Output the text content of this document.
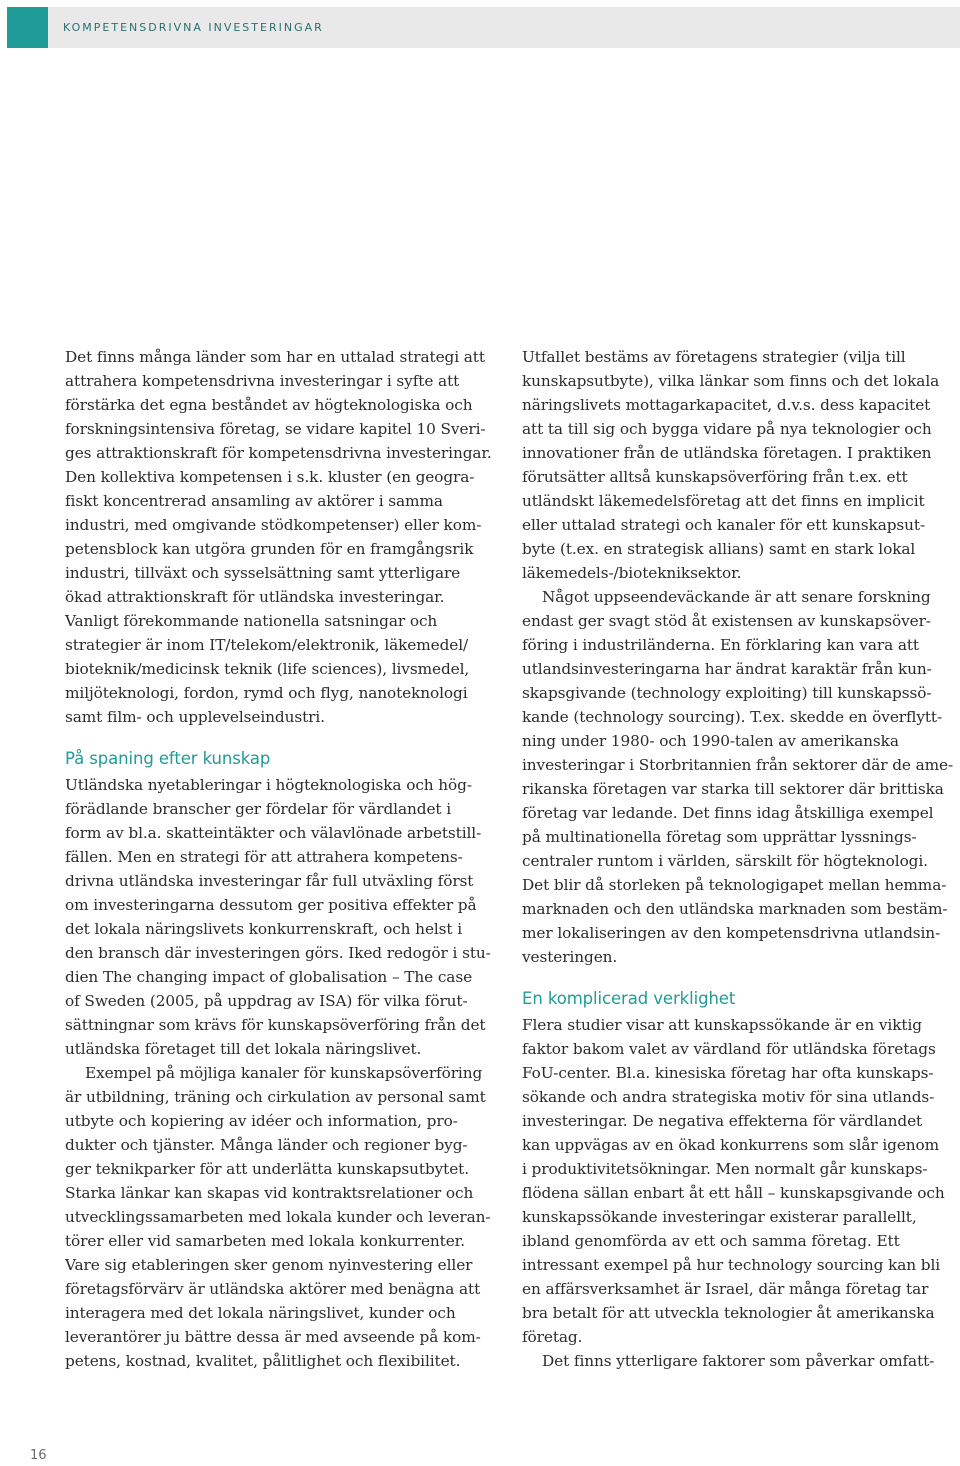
KOMPETENSDRIVNA INVESTERINGAR

Det finns många länder som har en uttalad strategi att
attrahera kompetensdrivna investeringar i syfte att
förstärka det egna beståndet av högteknologiska och
forskningsintensiva företag, se vidare kapitel 10 Sveri-
ges attraktionskraft för kompetensdrivna investeringar.
Den kollektiva kompetensen i s.k. kluster (en geogra-
fiskt koncentrerad ansamling av aktörer i samma
industri, med omgivande stödkompetenser) eller kom-
petensblock kan utgöra grunden för en framgångsrik
industri, tillväxt och sysselsättning samt ytterligare
ökad attraktionskraft för utländska investeringar.
Vanligt förekommande nationella satsningar och
strategier är inom IT/telekom/elektronik, läkemedel/
bioteknik/medicinsk teknik (life sciences), livsmedel,
miljöteknologi, fordon, rymd och flyg, nanoteknologi
samt film- och upplevelseindustri.

På spaning efter kunskap

Utländska nyetableringar i högteknologiska och hög-
förädlande branscher ger fördelar för värdlandet i
form av bl.a. skatteintäkter och välavlönade arbetstill-
fällen. Men en strategi för att attrahera kompetens-
drivna utländska investeringar får full utväxling först
om investeringarna dessutom ger positiva effekter på
det lokala näringslivets konkurrenskraft, och helst i
den bransch där investeringen görs. Iked redogör i stu-
dien The changing impact of globalisation – The case
of Sweden (2005, på uppdrag av ISA) för vilka förut-
sättningnar som krävs för kunskapsöverföring från det
utländska företaget till det lokala näringslivet.

Exempel på möjliga kanaler för kunskapsöverföring
är utbildning, träning och cirkulation av personal samt
utbyte och kopiering av idéer och information, pro-
dukter och tjänster. Många länder och regioner byg-
ger teknikparker för att underlätta kunskapsutbytet.
Starka länkar kan skapas vid kontraktsrelationer och
utvecklingssamarbeten med lokala kunder och leveran-
törer eller vid samarbeten med lokala konkurrenter.
Vare sig etableringen sker genom nyinvestering eller
företagsförvärv är utländska aktörer med benägna att
interagera med det lokala näringslivet, kunder och
leverantörer ju bättre dessa är med avseende på kom-
petens, kostnad, kvalitet, pålitlighet och flexibilitet.

Utfallet bestäms av företagens strategier (vilja till
kunskapsutbyte), vilka länkar som finns och det lokala
näringslivets mottagarkapacitet, d.v.s. dess kapacitet
att ta till sig och bygga vidare på nya teknologier och
innovationer från de utländska företagen. I praktiken
förutsätter alltså kunskapsöverföring från t.ex. ett
utländskt läkemedelsföretag att det finns en implicit
eller uttalad strategi och kanaler för ett kunskapsut-
byte (t.ex. en strategisk allians) samt en stark lokal
läkemedels-/biotekniksektor.

Något uppseendeväckande är att senare forskning
endast ger svagt stöd åt existensen av kunskapsöver-
föring i industriländerna. En förklaring kan vara att
utlandsinvesteringarna har ändrat karaktär från kun-
skapsgivande (technology exploiting) till kunskapssö-
kande (technology sourcing). T.ex. skedde en överflytt-
ning under 1980- och 1990-talen av amerikanska
investeringar i Storbritannien från sektorer där de ame-
rikanska företagen var starka till sektorer där brittiska
företag var ledande. Det finns idag åtskilliga exempel
på multinationella företag som upprättar lyssnings-
centraler runtom i världen, särskilt för högteknologi.
Det blir då storleken på teknologigapet mellan hemma-
marknaden och den utländska marknaden som bestäm-
mer lokaliseringen av den kompetensdrivna utlandsin-
vesteringen.

En komplicerad verklighet

Flera studier visar att kunskapssökande är en viktig
faktor bakom valet av värdland för utländska företags
FoU-center. Bl.a. kinesiska företag har ofta kunskaps-
sökande och andra strategiska motiv för sina utlands-
investeringar. De negativa effekterna för värdlandet
kan uppvägas av en ökad konkurrens som slår igenom
i produktivitetsökningar. Men normalt går kunskaps-
flödena sällan enbart åt ett håll – kunskapsgivande och
kunskapssökande investeringar existerar parallellt,
ibland genomförda av ett och samma företag. Ett
intressant exempel på hur technology sourcing kan bli
en affärsverksamhet är Israel, där många företag tar
bra betalt för att utveckla teknologier åt amerikanska
företag.

Det finns ytterligare faktorer som påverkar omfatt-

16
